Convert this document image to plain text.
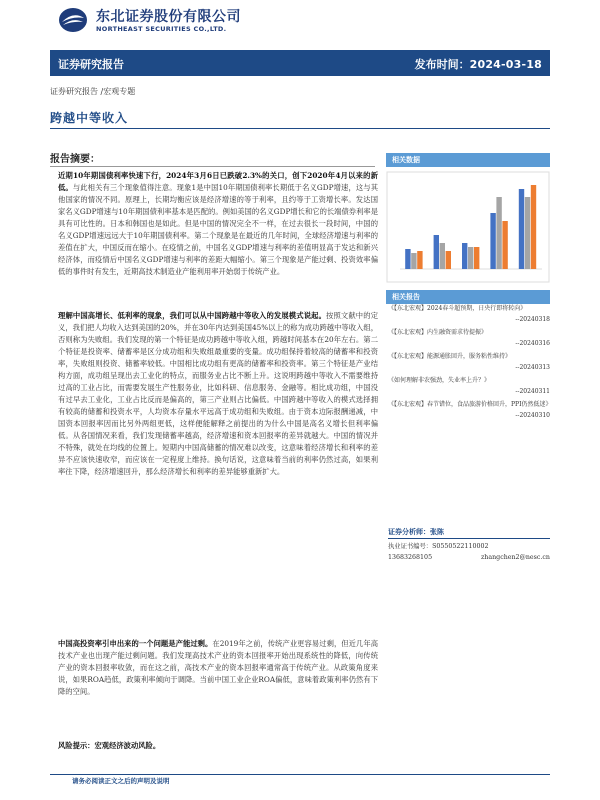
东北证券股份有限公司
NORTHEAST SECURITIES CO.,LTD.
证券研究报告	发布时间：2024-03-18
证券研究报告 /宏观专题
跨越中等收入
报告摘要：
近期10年期国债利率快速下行，2024年3月6日已跌破2.3%的关口，创下2020年4月以来的新低。与此相关有三个现象值得注意。现象1是中国10年期国债利率长期低于名义GDP增速，这与其他国家的情况不同。原理上，长期均衡应该是经济增速的等于利率，且约等于工资增长率。发达国家名义GDP增速与10年期国债利率基本是匹配的。例如美国的名义GDP增长和它的长端债券利率是具有可比性的。日本和韩国也是如此。但是中国的情况完全不一样，在过去很长一段时间，中国的名义GDP增速远远大于10年期国债利率。第二个现象是在最近的几年时间，全球经济增速与利率的差值在扩大，中国反而在缩小。在疫情之前，中国名义GDP增速与利率的差值明显高于发达和新兴经济体，而疫情后中国名义GDP增速与利率的差距大幅缩小。第三个现象是产能过剩、投资效率偏低的事件时有发生，近期高技术制造业产能利用率开始弱于传统产业。
理解中国高增长、低利率的现象，我们可以从中国跨越中等收入的发展模式说起。按照文献中的定义，我们把人均收入达到美国的20%，并在30年内达到美国45%以上的称为成功跨越中等收入组，否则称为失败组。我们发现的第一个特征是成功跨越中等收入组，跨越时间基本在20年左右。第二个特征是投资率、储蓄率是区分成功组和失败组最重要的变量。成功组保持着较高的储蓄率和投资率，失败组则投资、储蓄率较低。中国相比成功组有更高的储蓄率和投资率。第三个特征是产业结构方面，成功组呈现出去工业化的特点，而服务业占比不断上升。这说明跨越中等收入不需要维持过高的工业占比，而需要发展生产性服务业，比如科研、信息服务、金融等。相比成功组，中国没有过早去工业化，工业占比反而是偏高的，第三产业则占比偏低。中国跨越中等收入的模式选择拥有较高的储蓄和投资水平，人均资本存量水平远高于成功组和失败组。由于资本边际报酬递减，中国资本回报率因而比另外两组更低，这样便能解释之前提出的为什么中国是高名义增长但利率偏低。从各国情况来看，我们发现储蓄率越高，经济增速和资本回报率的差异就越大。中国的情况并不特殊，就处在均线的位置上。短期内中国高储蓄的情况难以改变，这意味着经济增长和利率的差异不应该快速收窄，而应该在一定程度上维持。换句话说，这意味着当前的利率仍然过高，如果利率往下降，经济增速回升，那么经济增长和利率的差异能够重新扩大。
中国高投资率引申出来的一个问题是产能过剩。在2019年之前，传统产业更容易过剩，但近几年高技术产业也出现产能过剩问题。我们发现高技术产业的资本回报率开始出现系统性的降低，向传统产业的资本回报率收敛，而在这之前，高技术产业的资本回报率通常高于传统产业。从政策角度来说，如果ROA趋低，政策利率倾向于调降。当前中国工业企业ROA偏低，意味着政策利率仍然有下降的空间。
风险提示：宏观经济波动风险。
相关数据
相关报告
《【东北宏观】2024春斗超预期，日央行即将转向》
--20240318
《【东北宏观】内生融资需求待提振》
--20240316
《【东北宏观】能源通胀回升，服务粘性维持》
--20240313
《如何理解非农强劲，失业率上升？》
--20240311
《【东北宏观】春节错位，食品旅游价格回升，PPI仍然低迷》
--20240310
证券分析师：张陈
执业证书编号：S0550522110002
13683268105	zhangchen2@nesc.cn
请务必阅读正文之后的声明及说明
